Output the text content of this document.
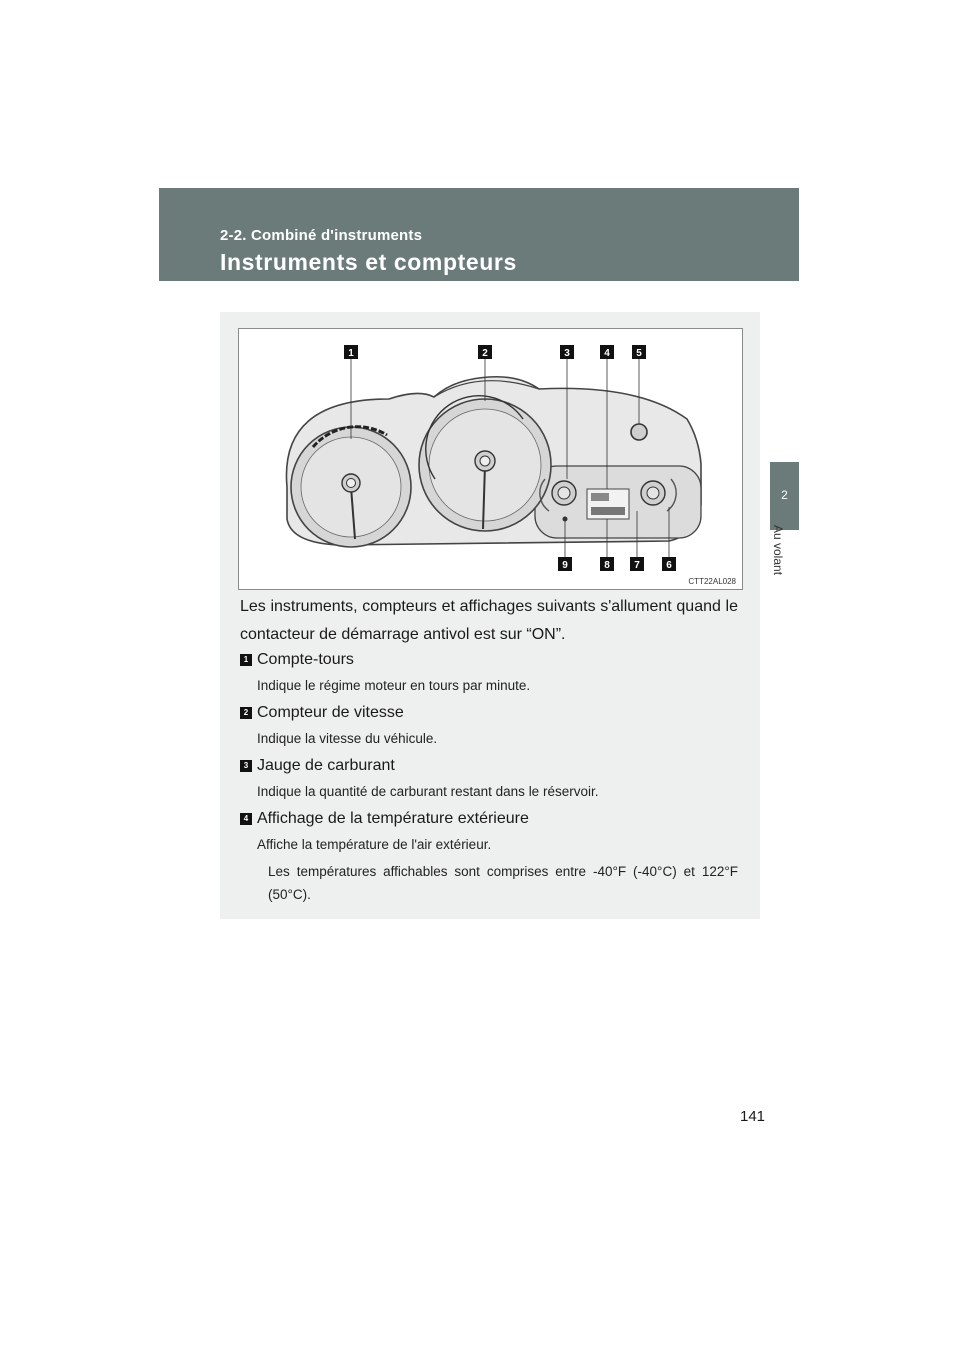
2-2. Combiné d'instruments
Instruments et compteurs
2
Au volant
1	2	3	4	5
9	8 7	6
CTT22AL028
Les instruments, compteurs et affichages suivants s'allument quand le contacteur de démarrage antivol est sur “ON”.
1 Compte-tours
Indique le régime moteur en tours par minute.
2 Compteur de vitesse
Indique la vitesse du véhicule.
3 Jauge de carburant
Indique la quantité de carburant restant dans le réservoir.
4 Affichage de la température extérieure
Affiche la température de l'air extérieur.
Les températures affichables sont comprises entre -40°F (-40°C) et 122°F (50°C).
141
